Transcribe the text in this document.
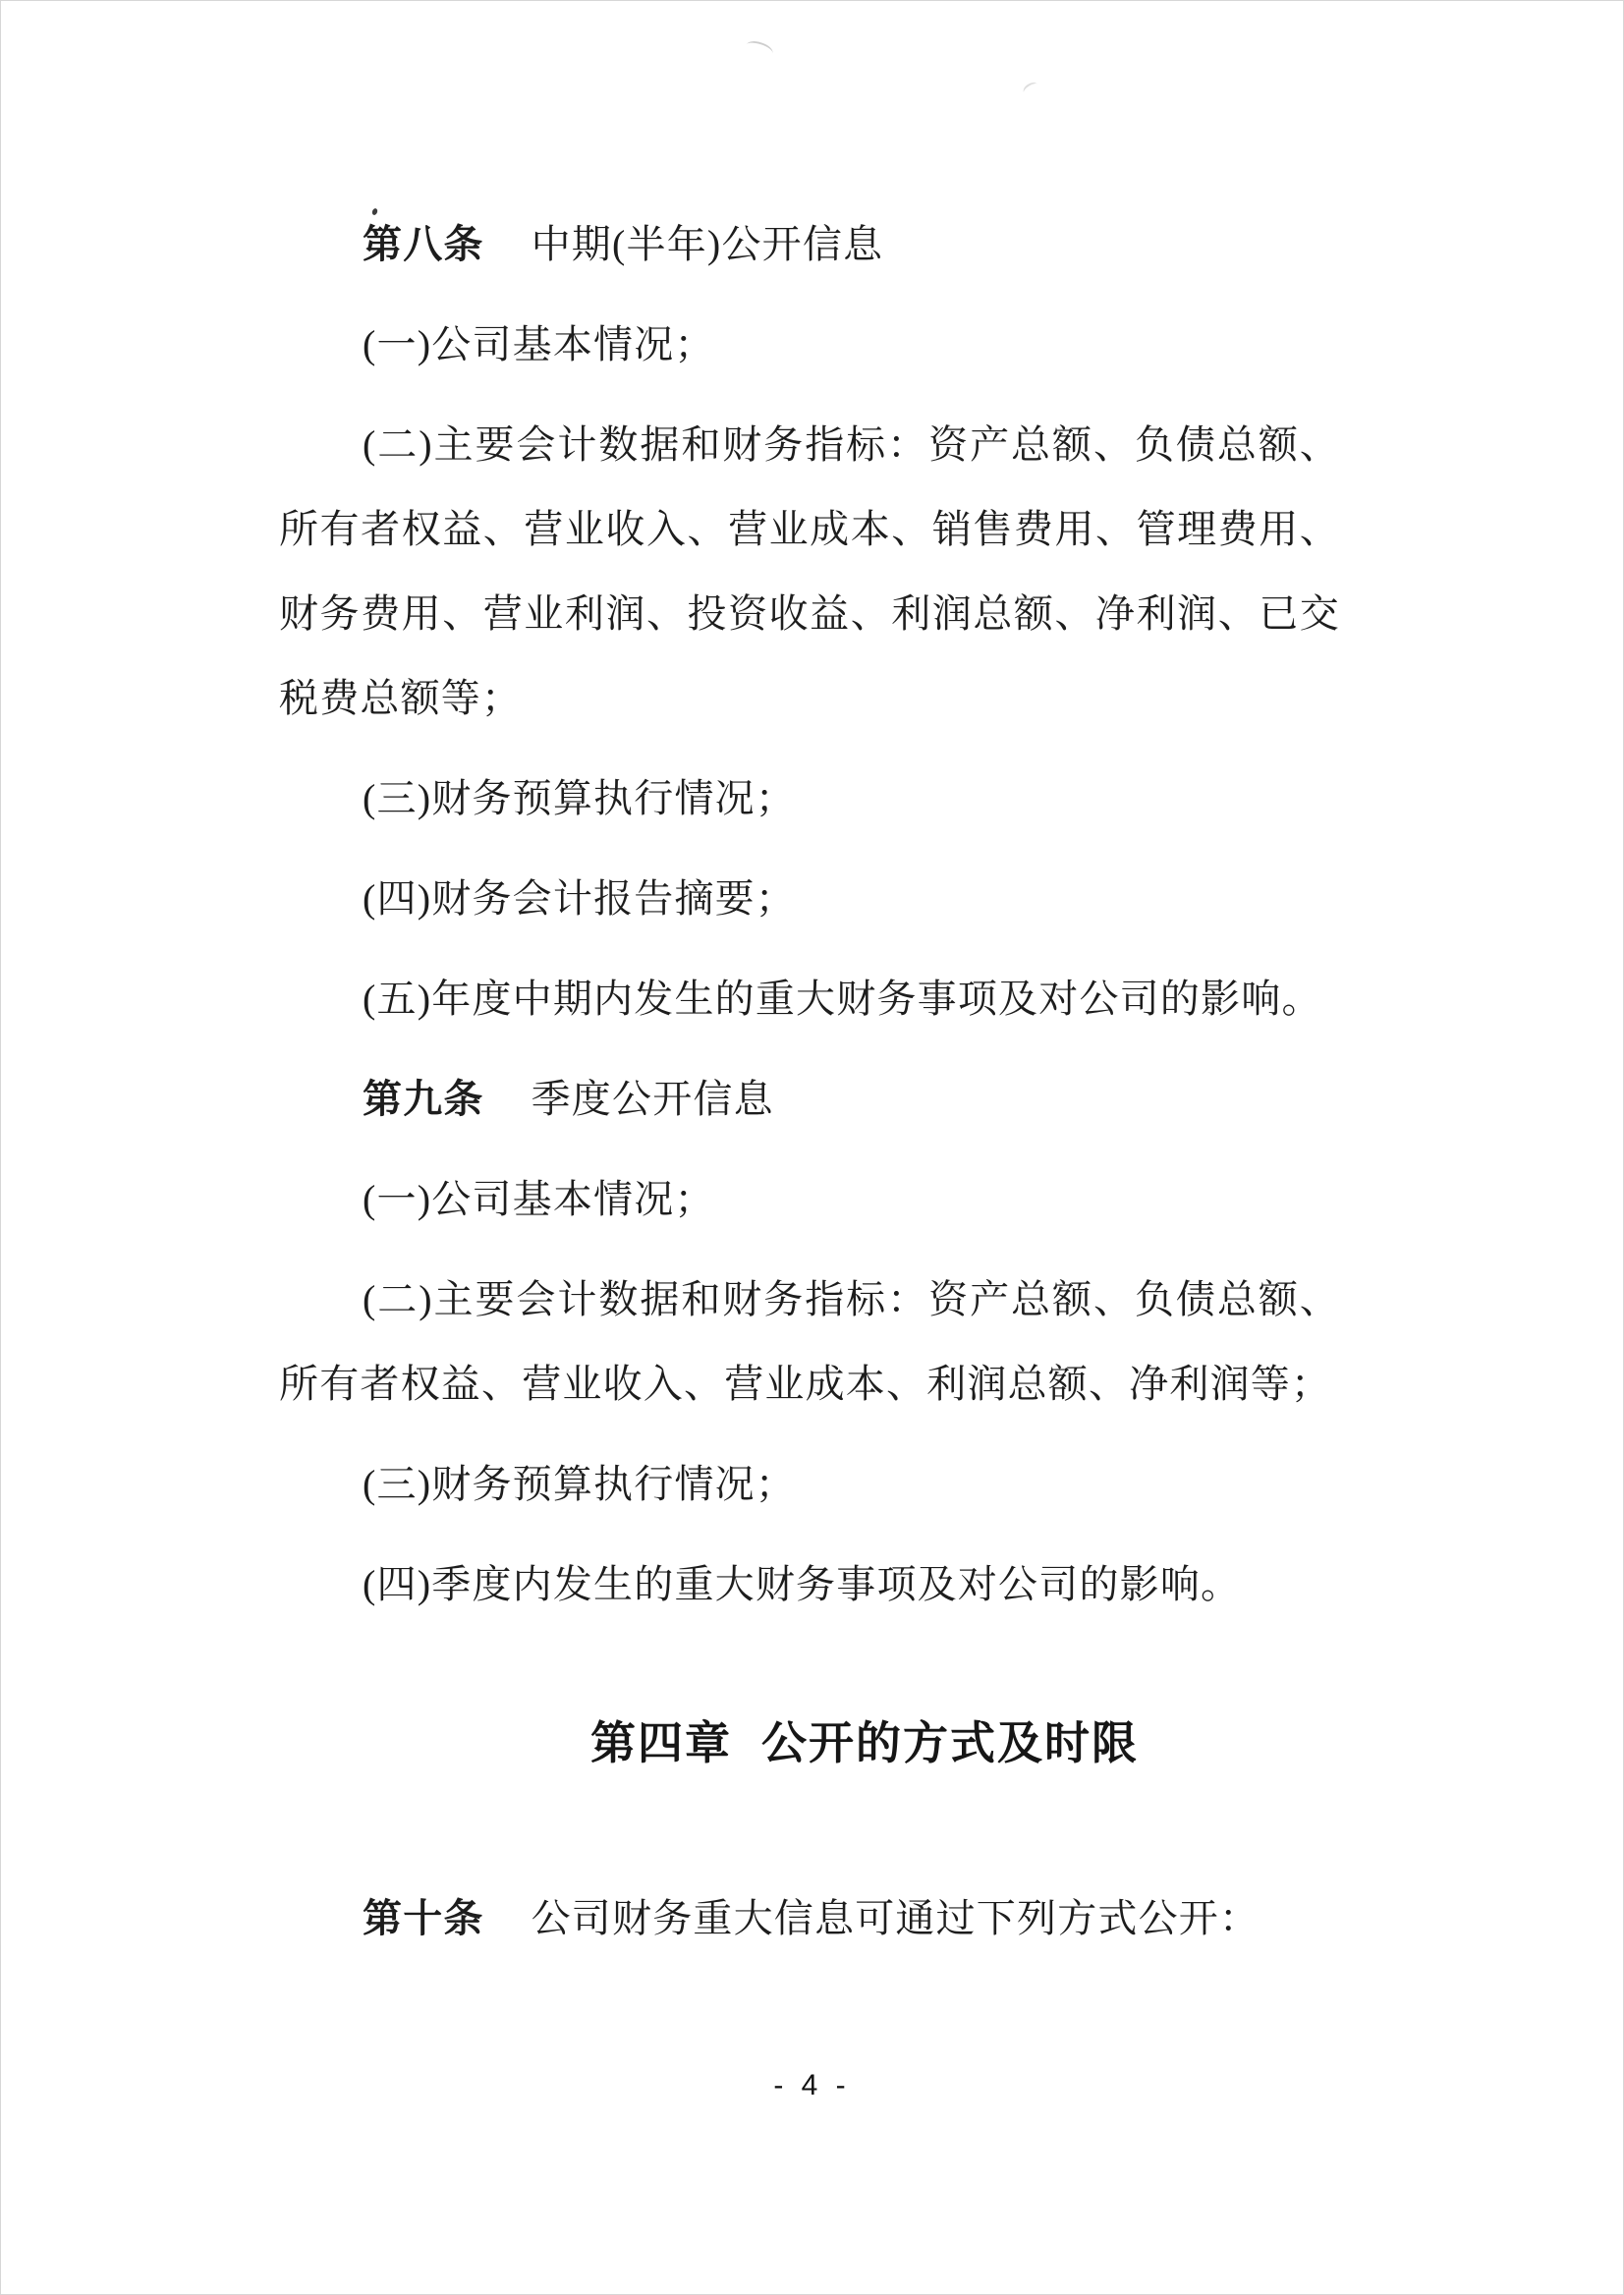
第八条 中期(半年)公开信息

(一)公司基本情况；

(二)主要会计数据和财务指标：资产总额、负债总额、所有者权益、营业收入、营业成本、销售费用、管理费用、财务费用、营业利润、投资收益、利润总额、净利润、已交税费总额等；

(三)财务预算执行情况；

(四)财务会计报告摘要；

(五)年度中期内发生的重大财务事项及对公司的影响。

第九条 季度公开信息

(一)公司基本情况；

(二)主要会计数据和财务指标：资产总额、负债总额、所有者权益、营业收入、营业成本、利润总额、净利润等；

(三)财务预算执行情况；

(四)季度内发生的重大财务事项及对公司的影响。

第四章 公开的方式及时限

第十条 公司财务重大信息可通过下列方式公开：

- 4 -
